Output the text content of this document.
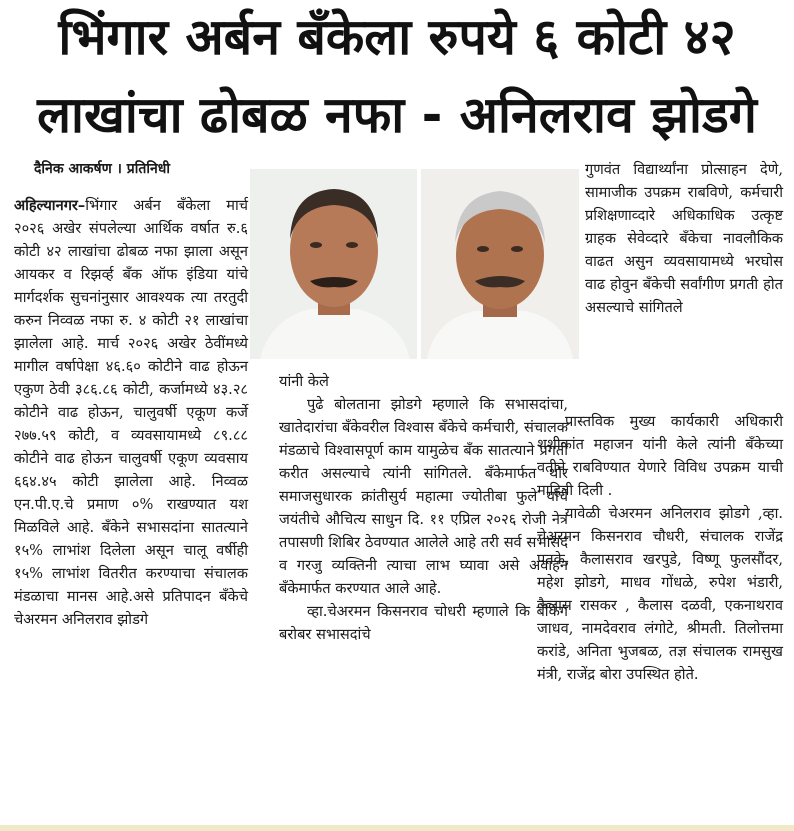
भिंगार अर्बन बँकेला रुपये ६ कोटी ४२
लाखांचा ढोबळ नफा - अनिलराव झोडगे
दैनिक आकर्षण । प्रतिनिधी

अहिल्यानगर–भिंगार अर्बन बँकेला मार्च २०२६ अखेर संपलेल्या आर्थिक वर्षात रु.६ कोटी ४२ लाखांचा ढोबळ नफा झाला असून आयकर व रिझर्व्ह बँक ऑफ इंडिया यांचे मार्गदर्शक सुचनांनुसार आवश्यक त्या तरतुदी करुन निव्वळ नफा रु. ४ कोटी २१ लाखांचा झालेला आहे. मार्च २०२६ अखेर ठेवींमध्ये मागील वर्षापेक्षा ४६.६० कोटीने वाढ होऊन एकुण ठेवी ३८६.८६ कोटी, कर्जामध्ये ४३.२८ कोटीने वाढ होऊन, चालुवर्षी एकूण कर्जे २७७.५९ कोटी, व व्यवसायामध्ये ८९.८८ कोटीने वाढ होऊन चालुवर्षी एकूण व्यवसाय ६६४.४५ कोटी झालेला आहे. निव्वळ एन.पी.ए.चे प्रमाण ०% राखण्यात यश मिळविले आहे. बँकेने सभासदांना सातत्याने १५% लाभांश दिलेला असून चालू वर्षीही १५% लाभांश वितरीत करण्याचा संचालक मंडळाचा मानस आहे.असे प्रतिपादन बँकेचे चेअरमन अनिलराव झोडगे

यांनी केले

पुढे बोलताना झोडगे म्हणाले कि सभासदांचा, खातेदारांचा बँकेवरील विश्वास बँकेचे कर्मचारी, संचालक मंडळाचे विश्वासपूर्ण काम यामुळेच बँक सातत्याने प्रगती करीत असल्याचे त्यांनी सांगितले. बँकेमार्फत थोर समाजसुधारक क्रांतीसुर्य महात्मा ज्योतीबा फुले यांचे जयंतीचे औचित्य साधुन दि. ११ एप्रिल २०२६ रोजी नेत्र तपासणी शिबिर ठेवण्यात आलेले आहे तरी सर्व सभासद व गरजु व्यक्तिनी त्याचा लाभ घ्यावा असे अवाहन बँकेमार्फत करण्यात आले आहे.

व्हा.चेअरमन किसनराव चोधरी म्हणाले कि बँकिंग बरोबर सभासदांचे

गुणवंत विद्यार्थ्यांना प्रोत्साहन देणे, सामाजीक उपक्रम राबविणे, कर्मचारी प्रशिक्षणाव्दारे अधिकाधिक उत्कृष्ट ग्राहक सेवेव्दारे बँकेचा नावलौकिक वाढत असुन व्यवसायामध्ये भरघोस वाढ होवुन बँकेची सर्वांगीण प्रगती होत असल्याचे सांगितले

प्रास्तविक मुख्य कार्यकारी अधिकारी शशीकांत महाजन यांनी केले त्यांनी बँकेच्या वतीने राबविण्यात येणारे विविध उपक्रम याची माहिती दिली .

यावेळी चेअरमन अनिलराव झोडगे ,व्हा. चेअरमन किसनराव चौधरी, संचालक राजेंद्र पतके, कैलासराव खरपुडे, विष्णू फुलसौंदर, महेश झोडगे, माधव गोंधळे, रुपेश भंडारी, कैलास रासकर , कैलास दळवी, एकनाथराव जाधव, नामदेवराव लंगोटे, श्रीमती. तिलोत्तमा करांडे, अनिता भुजबळ, तज्ञ संचालक रामसुख मंत्री, राजेंद्र बोरा उपस्थित होते.
